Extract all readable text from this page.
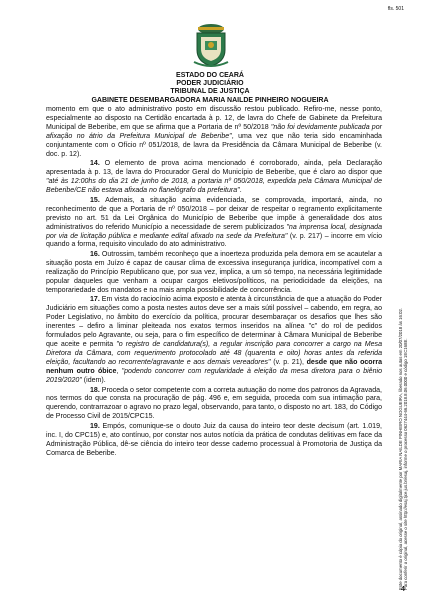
fls. 501
ESTADO DO CEARÁ
PODER JUDICIÁRIO
TRIBUNAL DE JUSTIÇA
GABINETE DESEMBARGADORA MARIA NAILDE PINHEIRO NOGUEIRA

momento em que o ato administrativo posto em discussão restou publicado. Refiro-me, nesse ponto, especialmente ao disposto na Certidão encartada à p. 12, de lavra do Chefe de Gabinete da Prefeitura Municipal de Beberibe, em que se afirma que a Portaria de nº 50/2018 "não foi devidamente publicada por afixação no átrio da Prefeitura Municipal de Beberibe", uma vez que não teria sido encaminhada conjuntamente com o Ofício nº 051/2018, de lavra da Presidência da Câmara Municipal de Beberibe (v. doc. p. 12).

14. O elemento de prova acima mencionado é corroborado, ainda, pela Declaração apresentada à p. 13, de lavra do Procurador Geral do Município de Beberibe, que é claro ao dispor que "até às 12:00hs do dia 21 de junho de 2018, a portaria nº 050/2018, expedida pela Câmara Municipal de Beberibe/CE não estava afixada no flanelógrafo da prefeitura".

15. Ademais, a situação acima evidenciada, se comprovada, importará, ainda, no reconhecimento de que a Portaria de nº 050/2018 – por deixar de respeitar o regramento explicitamente previsto no art. 51 da Lei Orgânica do Município de Beberibe que impõe à generalidade dos atos administrativos do referido Município a necessidade de serem publicizados "na imprensa local, designada por via de licitação pública e mediante edital afixado na sede da Prefeitura" (v. p. 217) – incorre em vício quando a forma, requisito vinculado do ato administrativo.

16. Outrossim, também reconheço que a inoerteza produzida pela demora em se acautelar a situação posta em Juízo é capaz de causar clima de excessiva insegurança jurídica, incompatível com a realização do Princípio Republicano que, por sua vez, implica, a um só tempo, na necessária legitimidade popular daqueles que venham a ocupar cargos eletivos/políticos, na periodicidade da eleições, na temporariedade dos mandatos e na mais ampla possibilidade de concorrência.

17. Em vista do raciocínio acima exposto e atenta à circunstância de que a atuação do Poder Judiciário em situações como a posta nestes autos deve ser a mais sútil possível – cabendo, em regra, ao Poder Legislativo, no âmbito do exercício da política, procurar desembaraçar os desafios que lhes são inerentes – defiro a liminar pleiteada nos exatos termos inseridos na alínea "c" do rol de pedidos formulados pelo Agravante, ou seja, para o fim específico de determinar à Câmara Municipal de Beberibe que aceite e permita "o registro de candidatura(s), a regular inscrição para concorrer a cargo na Mesa Diretora da Câmara, com requerimento protocolado até 48 (quarenta e oito) horas antes da referida eleição, facultando ao recorrente/agravante e aos demais vereadores" (v. p. 21), desde que não ocorra nenhum outro óbice, "podendo concorrer com regularidade à eleição da mesa diretora para o biênio 2019/2020" (idem).

18. Proceda o setor competente com a correta autuação do nome dos patronos da Agravada, nos termos do que consta na procuração de pág. 496 e, em seguida, proceda com sua intimação para, querendo, contrarrazoar o agravo no prazo legal, observando, para tanto, o disposto no art. 183, do Código de Processo Civil de 2015/CPC15.

19. Empós, comunique-se o douto Juiz da causa do inteiro teor deste decisum (art. 1.019, inc. I, do CPC15) e, ato contínuo, por constar nos autos notícia da prática de condutas delitivas em face da Administração Pública, dê-se ciência do inteiro teor desse caderno processual à Promotoria de Justiça da Comarca de Beberibe.	Este documento é cópia do original, assinado digitalmente por MARIA NAILDE PINHEIRO NOGUEIRA, liberado nos autos em 20/07/2018 às 16:02. Para conferir o original, acesse o site http://esaj.tjce.jus.br/esaj, informe o processo 0627444-66.2018.8.06.0000 e código 1EC168E.
4
